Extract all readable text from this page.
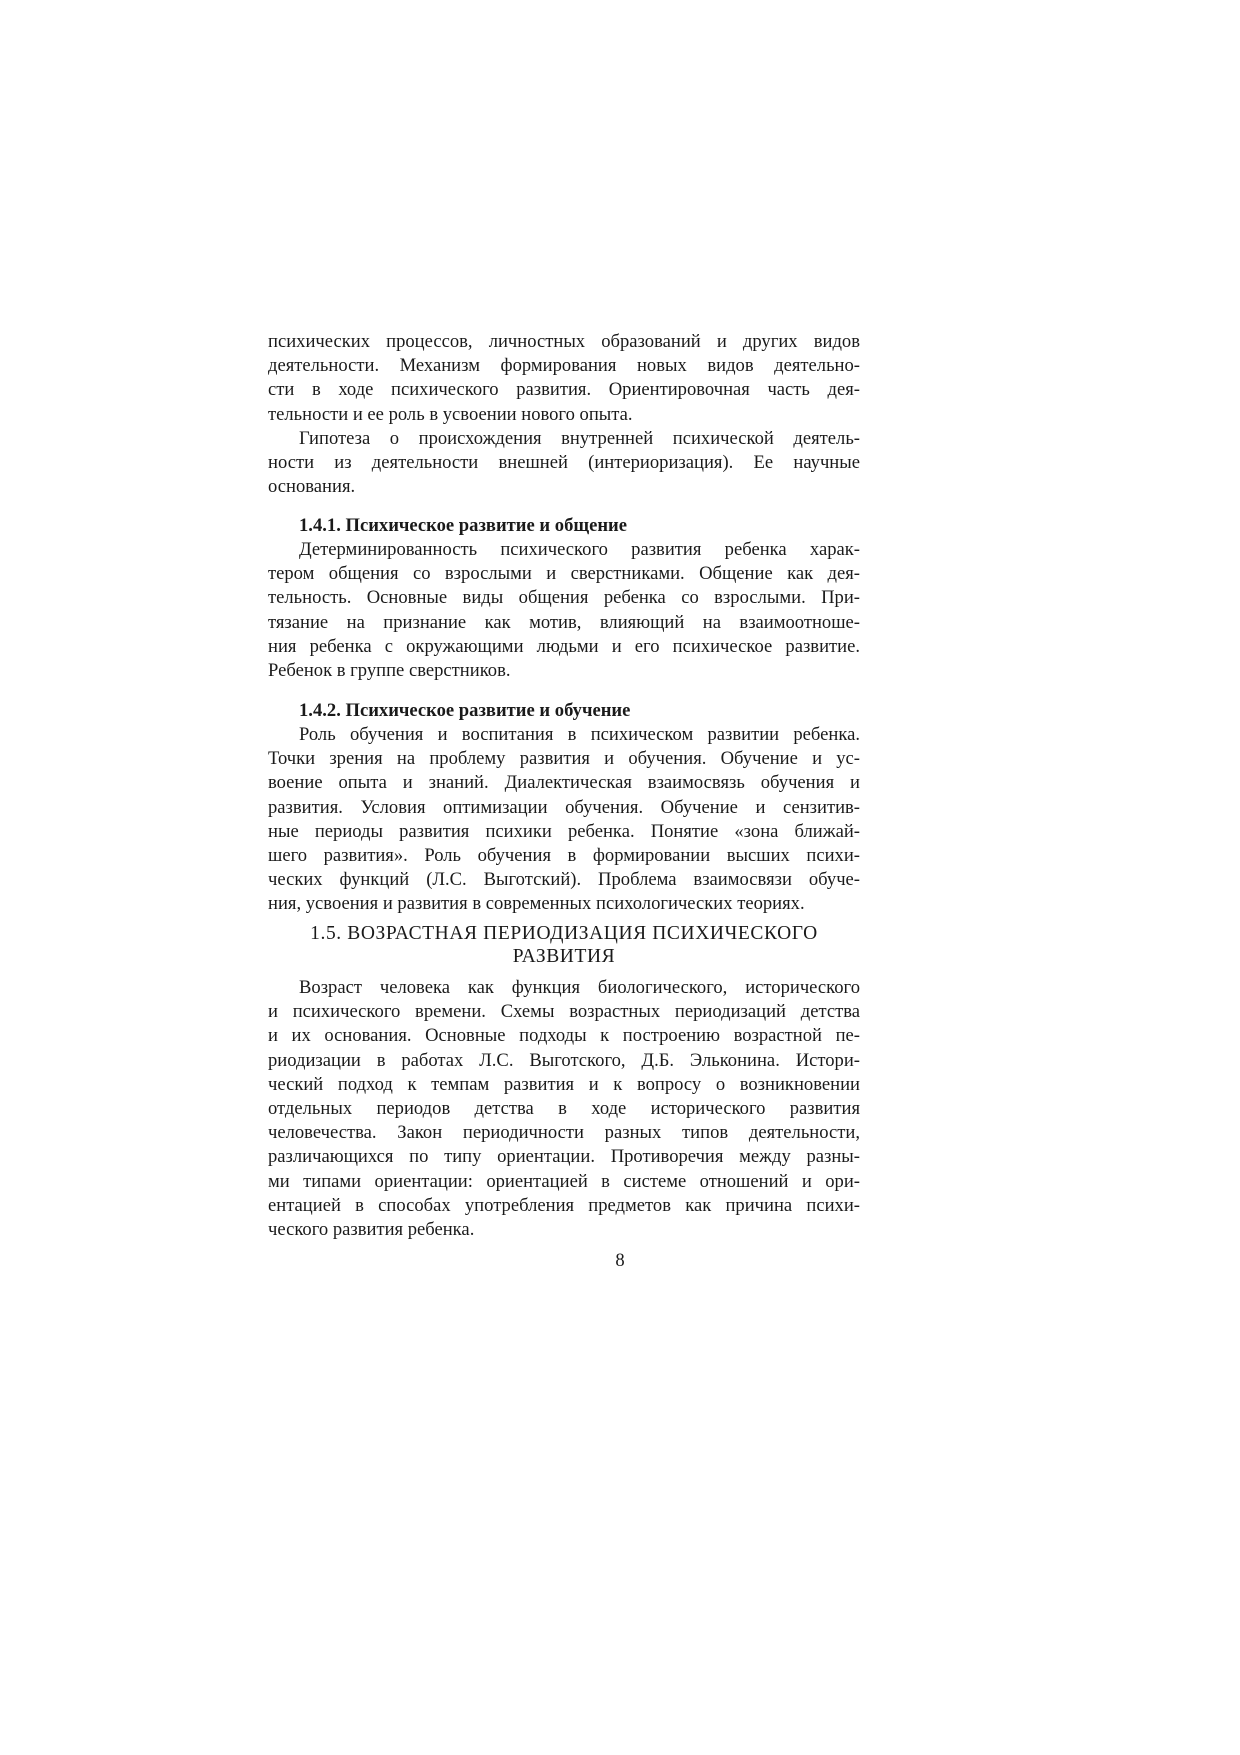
психических процессов, личностных образований и других видов
деятельности. Механизм формирования новых видов деятельно-
сти в ходе психического развития. Ориентировочная часть дея-
тельности и ее роль в усвоении нового опыта.
Гипотеза о происхождения внутренней психической деятель-
ности из деятельности внешней (интериоризация). Ее научные
основания.
1.4.1. Психическое развитие и общение
Детерминированность психического развития ребенка харак-
тером общения со взрослыми и сверстниками. Общение как дея-
тельность. Основные виды общения ребенка со взрослыми. При-
тязание на признание как мотив, влияющий на взаимоотноше-
ния ребенка с окружающими людьми и его психическое развитие.
Ребенок в группе сверстников.
1.4.2. Психическое развитие и обучение
Роль обучения и воспитания в психическом развитии ребенка.
Точки зрения на проблему развития и обучения. Обучение и ус-
воение опыта и знаний. Диалектическая взаимосвязь обучения и
развития. Условия оптимизации обучения. Обучение и сензитив-
ные периоды развития психики ребенка. Понятие «зона ближай-
шего развития». Роль обучения в формировании высших психи-
ческих функций (Л.С. Выготский). Проблема взаимосвязи обуче-
ния, усвоения и развития в современных психологических теориях.
1.5. ВОЗРАСТНАЯ ПЕРИОДИЗАЦИЯ ПСИХИЧЕСКОГО
РАЗВИТИЯ
Возраст человека как функция биологического, исторического
и психического времени. Схемы возрастных периодизаций детства
и их основания. Основные подходы к построению возрастной пе-
риодизации в работах Л.С. Выготского, Д.Б. Эльконина. Истори-
ческий подход к темпам развития и к вопросу о возникновении
отдельных периодов детства в ходе исторического развития
человечества. Закон периодичности разных типов деятельности,
различающихся по типу ориентации. Противоречия между разны-
ми типами ориентации: ориентацией в системе отношений и ори-
ентацией в способах употребления предметов как причина психи-
ческого развития ребенка.
8
